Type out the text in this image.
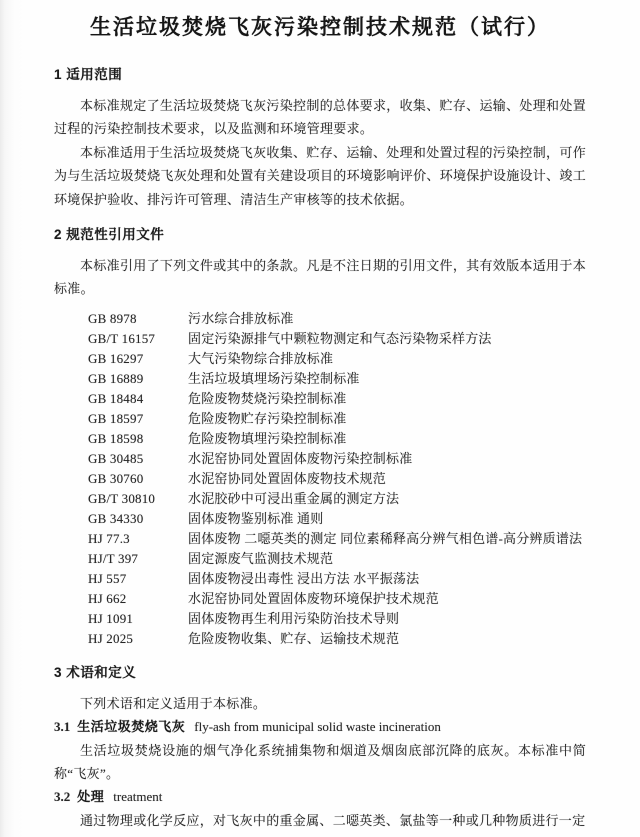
生活垃圾焚烧飞灰污染控制技术规范（试行）
1 适用范围

本标准规定了生活垃圾焚烧飞灰污染控制的总体要求，收集、贮存、运输、处理和处置过程的污染控制技术要求，以及监测和环境管理要求。

本标准适用于生活垃圾焚烧飞灰收集、贮存、运输、处理和处置过程的污染控制，可作为与生活垃圾焚烧飞灰处理和处置有关建设项目的环境影响评价、环境保护设施设计、竣工环境保护验收、排污许可管理、清洁生产审核等的技术依据。

2 规范性引用文件

本标准引用了下列文件或其中的条款。凡是不注日期的引用文件，其有效版本适用于本标准。

GB 8978	污水综合排放标准
GB/T 16157	固定污染源排气中颗粒物测定和气态污染物采样方法
GB 16297	大气污染物综合排放标准
GB 16889	生活垃圾填埋场污染控制标准
GB 18484	危险废物焚烧污染控制标准
GB 18597	危险废物贮存污染控制标准
GB 18598	危险废物填埋污染控制标准
GB 30485	水泥窑协同处置固体废物污染控制标准
GB 30760	水泥窑协同处置固体废物技术规范
GB/T 30810	水泥胶砂中可浸出重金属的测定方法
GB 34330	固体废物鉴别标准 通则
HJ 77.3	固体废物 二噁英类的测定 同位素稀释高分辨气相色谱-高分辨质谱法
HJ/T 397	固定源废气监测技术规范
HJ 557	固体废物浸出毒性 浸出方法 水平振荡法
HJ 662	水泥窑协同处置固体废物环境保护技术规范
HJ 1091	固体废物再生利用污染防治技术导则
HJ 2025	危险废物收集、贮存、运输技术规范
3 术语和定义

下列术语和定义适用于本标准。

3.1 生活垃圾焚烧飞灰 fly-ash from municipal solid waste incineration

生活垃圾焚烧设施的烟气净化系统捕集物和烟道及烟囱底部沉降的底灰。本标准中简称“飞灰”。

3.2 处理 treatment

通过物理或化学反应，对飞灰中的重金属、二噁英类、氯盐等一种或几种物质进行一定
